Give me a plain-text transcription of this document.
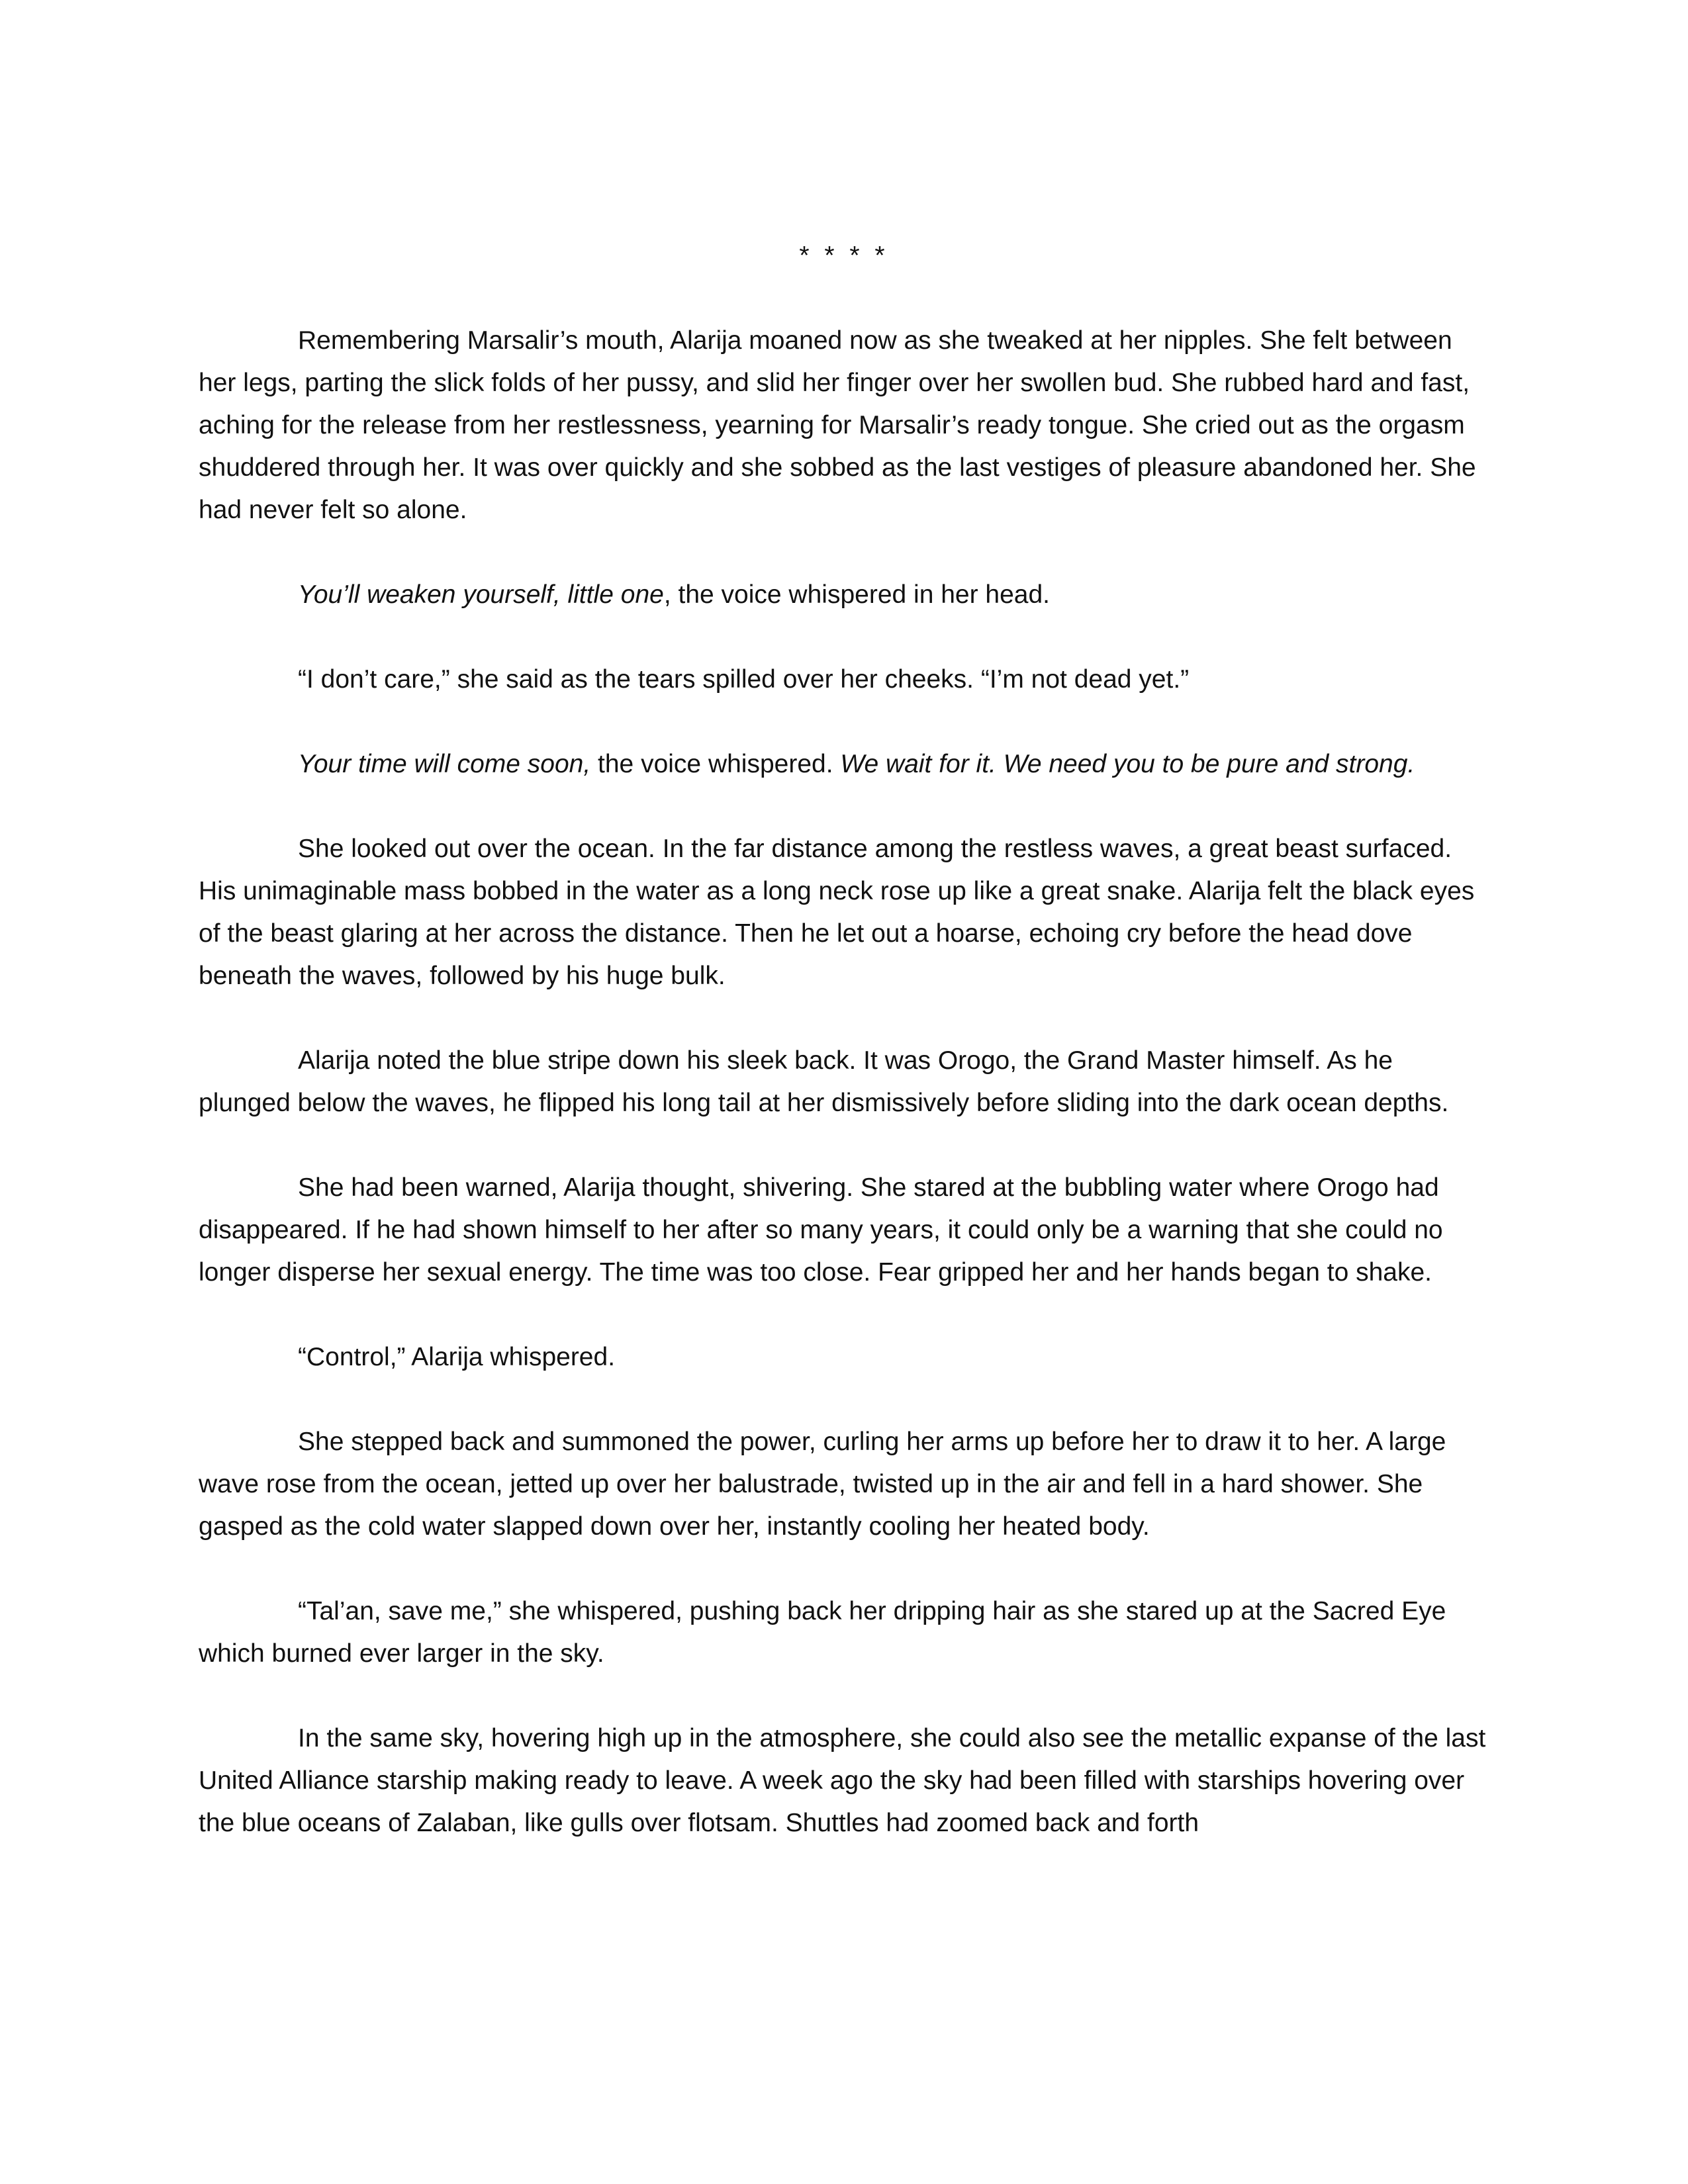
* * * *

Remembering Marsalir’s mouth, Alarija moaned now as she tweaked at her nipples. She felt between her legs, parting the slick folds of her pussy, and slid her finger over her swollen bud. She rubbed hard and fast, aching for the release from her restlessness, yearning for Marsalir’s ready tongue. She cried out as the orgasm shuddered through her. It was over quickly and she sobbed as the last vestiges of pleasure abandoned her. She had never felt so alone.

You’ll weaken yourself, little one, the voice whispered in her head.

“I don’t care,” she said as the tears spilled over her cheeks. “I’m not dead yet.”

Your time will come soon, the voice whispered. We wait for it. We need you to be pure and strong.

She looked out over the ocean. In the far distance among the restless waves, a great beast surfaced. His unimaginable mass bobbed in the water as a long neck rose up like a great snake. Alarija felt the black eyes of the beast glaring at her across the distance. Then he let out a hoarse, echoing cry before the head dove beneath the waves, followed by his huge bulk.

Alarija noted the blue stripe down his sleek back. It was Orogo, the Grand Master himself. As he plunged below the waves, he flipped his long tail at her dismissively before sliding into the dark ocean depths.

She had been warned, Alarija thought, shivering. She stared at the bubbling water where Orogo had disappeared. If he had shown himself to her after so many years, it could only be a warning that she could no longer disperse her sexual energy. The time was too close. Fear gripped her and her hands began to shake.

“Control,” Alarija whispered.

She stepped back and summoned the power, curling her arms up before her to draw it to her. A large wave rose from the ocean, jetted up over her balustrade, twisted up in the air and fell in a hard shower. She gasped as the cold water slapped down over her, instantly cooling her heated body.

“Tal’an, save me,” she whispered, pushing back her dripping hair as she stared up at the Sacred Eye which burned ever larger in the sky.

In the same sky, hovering high up in the atmosphere, she could also see the metallic expanse of the last United Alliance starship making ready to leave. A week ago the sky had been filled with starships hovering over the blue oceans of Zalaban, like gulls over flotsam. Shuttles had zoomed back and forth
